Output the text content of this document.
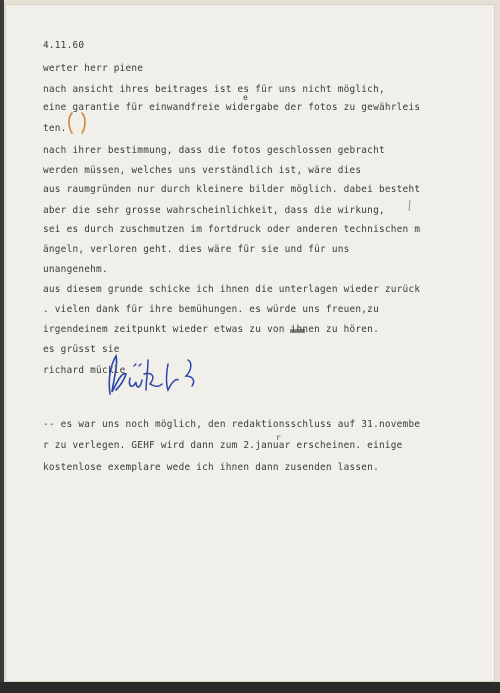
4.11.60
werter herr piene
nach ansicht ihres beitrages ist es für uns nicht möglich,
eine garantie für einwandfreie widergabe der fotos zu gewährleis
ten.
nach ihrer bestimmung, dass die fotos geschlossen gebracht
werden müssen, welches uns verständlich ist, wäre dies
aus raumgründen nur durch kleinere bilder möglich. dabei besteht
aber die sehr grosse wahrscheinlichkeit, dass die wirkung,
sei es durch zuschmutzen im fortdruck oder anderen technischen m
ängeln, verloren geht. dies wäre für sie und für uns
unangenehm.
aus diesem grunde schicke ich ihnen die unterlagen wieder zurück
. vielen dank für ihre bemühungen. es würde uns freuen,zu
irgendeinem zeitpunkt wieder etwas zu von ihnen zu hören.
es grüsst sie
richard mückle
e
r
-- es war uns noch möglich, den redaktionsschluss auf 31.novembe
r zu verlegen. GEHF wird dann zum 2.januar erscheinen. einige
kostenlose exemplare wede ich ihnen dann zusenden lassen.
